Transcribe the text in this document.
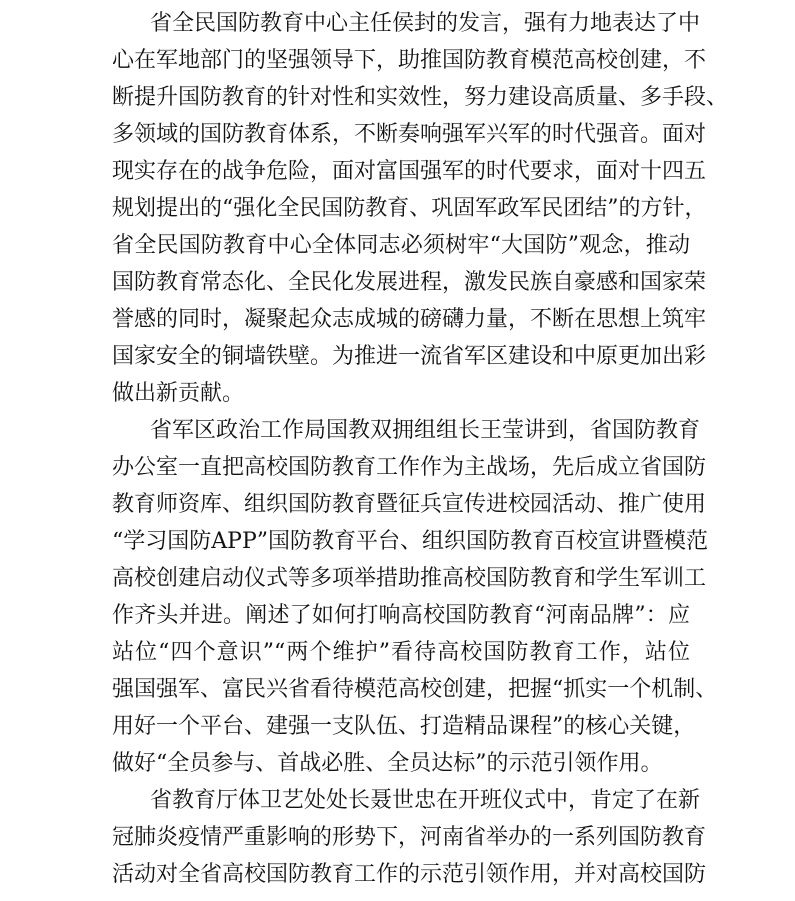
省全民国防教育中心主任侯封的发言，强有力地表达了中
心在军地部门的坚强领导下，助推国防教育模范高校创建，不
断提升国防教育的针对性和实效性，努力建设高质量、多手段、
多领域的国防教育体系，不断奏响强军兴军的时代强音。面对
现实存在的战争危险，面对富国强军的时代要求，面对十四五
规划提出的“强化全民国防教育、巩固军政军民团结”的方针，
省全民国防教育中心全体同志必须树牢“大国防”观念，推动
国防教育常态化、全民化发展进程，激发民族自豪感和国家荣
誉感的同时，凝聚起众志成城的磅礴力量，不断在思想上筑牢
国家安全的铜墙铁壁。为推进一流省军区建设和中原更加出彩
做出新贡献。
省军区政治工作局国教双拥组组长王莹讲到，省国防教育
办公室一直把高校国防教育工作作为主战场，先后成立省国防
教育师资库、组织国防教育暨征兵宣传进校园活动、推广使用
“学习国防APP”国防教育平台、组织国防教育百校宣讲暨模范
高校创建启动仪式等多项举措助推高校国防教育和学生军训工
作齐头并进。阐述了如何打响高校国防教育“河南品牌”：应
站位“四个意识”“两个维护”看待高校国防教育工作，站位
强国强军、富民兴省看待模范高校创建，把握“抓实一个机制、
用好一个平台、建强一支队伍、打造精品课程”的核心关键，
做好“全员参与、首战必胜、全员达标”的示范引领作用。
省教育厅体卫艺处处长聂世忠在开班仪式中，肯定了在新
冠肺炎疫情严重影响的形势下，河南省举办的一系列国防教育
活动对全省高校国防教育工作的示范引领作用，并对高校国防
